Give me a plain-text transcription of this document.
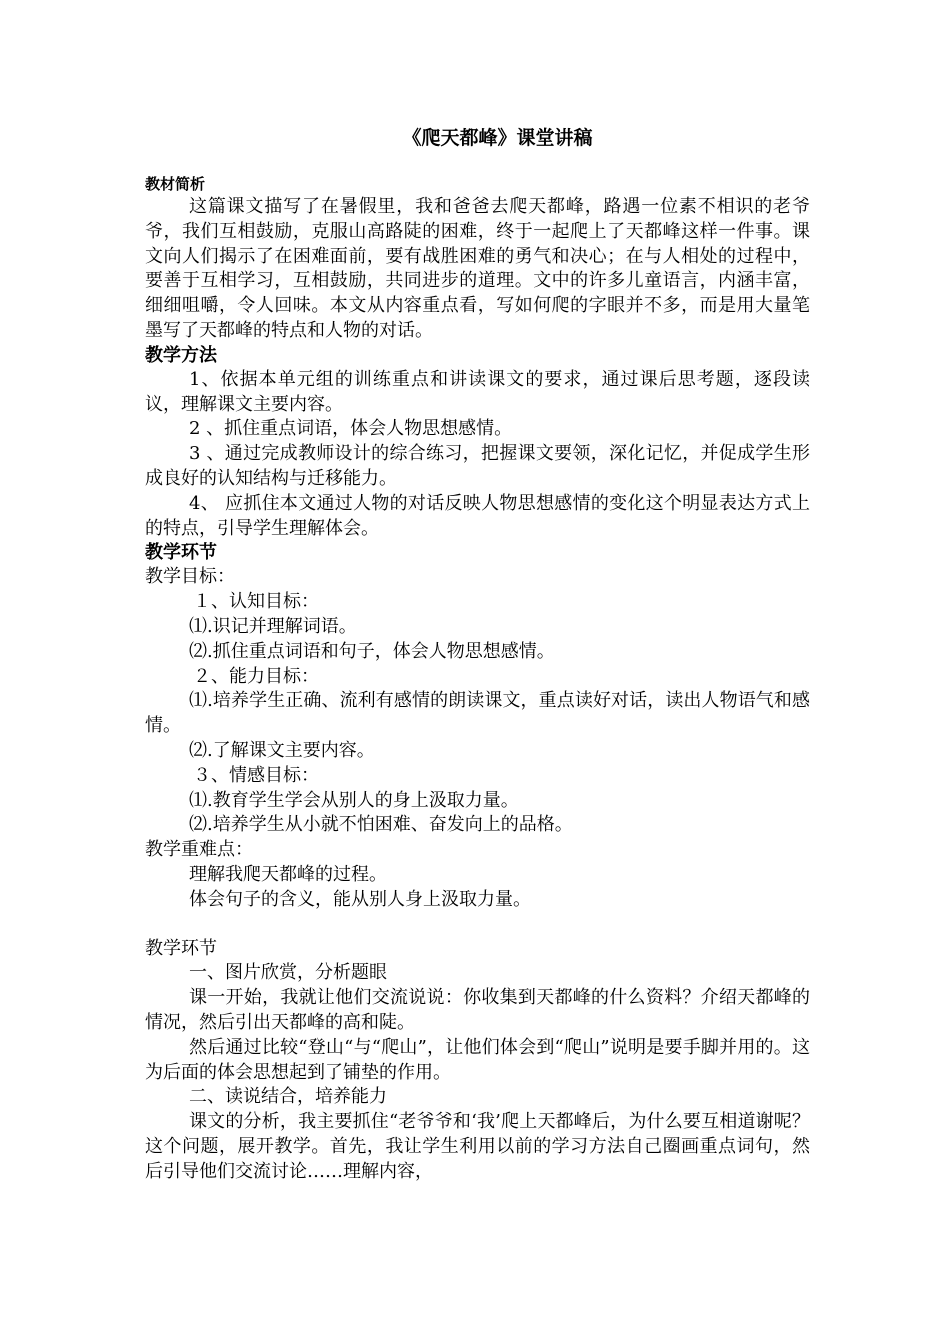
《爬天都峰》课堂讲稿
教材简析

这篇课文描写了在暑假里，我和爸爸去爬天都峰，路遇一位素不相识的老爷爷，我们互相鼓励，克服山高路陡的困难，终于一起爬上了天都峰这样一件事。课文向人们揭示了在困难面前，要有战胜困难的勇气和决心；在与人相处的过程中，要善于互相学习，互相鼓励，共同进步的道理。文中的许多儿童语言，内涵丰富，细细咀嚼，令人回味。本文从内容重点看，写如何爬的字眼并不多，而是用大量笔墨写了天都峰的特点和人物的对话。

教学方法

1、依据本单元组的训练重点和讲读课文的要求，通过课后思考题，逐段读议，理解课文主要内容。

2 、抓住重点词语，体会人物思想感情。

3 、通过完成教师设计的综合练习，把握课文要领，深化记忆，并促成学生形成良好的认知结构与迁移能力。

4、 应抓住本文通过人物的对话反映人物思想感情的变化这个明显表达方式上的特点，引导学生理解体会。

教学环节

教学目标：

１、认知目标：

⑴.识记并理解词语。

⑵.抓住重点词语和句子，体会人物思想感情。

２、能力目标：

⑴.培养学生正确、流利有感情的朗读课文，重点读好对话，读出人物语气和感情。

⑵.了解课文主要内容。

３、情感目标：

⑴.教育学生学会从别人的身上汲取力量。

⑵.培养学生从小就不怕困难、奋发向上的品格。

教学重难点：

理解我爬天都峰的过程。

体会句子的含义，能从别人身上汲取力量。

教学环节

一、图片欣赏，分析题眼

课一开始，我就让他们交流说说：你收集到天都峰的什么资料？介绍天都峰的情况，然后引出天都峰的高和陡。

然后通过比较“登山“与“爬山”，让他们体会到“爬山”说明是要手脚并用的。这为后面的体会思想起到了铺垫的作用。

二、读说结合，培养能力

课文的分析，我主要抓住“老爷爷和‘我’爬上天都峰后，为什么要互相道谢呢？这个问题，展开教学。首先，我让学生利用以前的学习方法自己圈画重点词句，然后引导他们交流讨论……理解内容，
